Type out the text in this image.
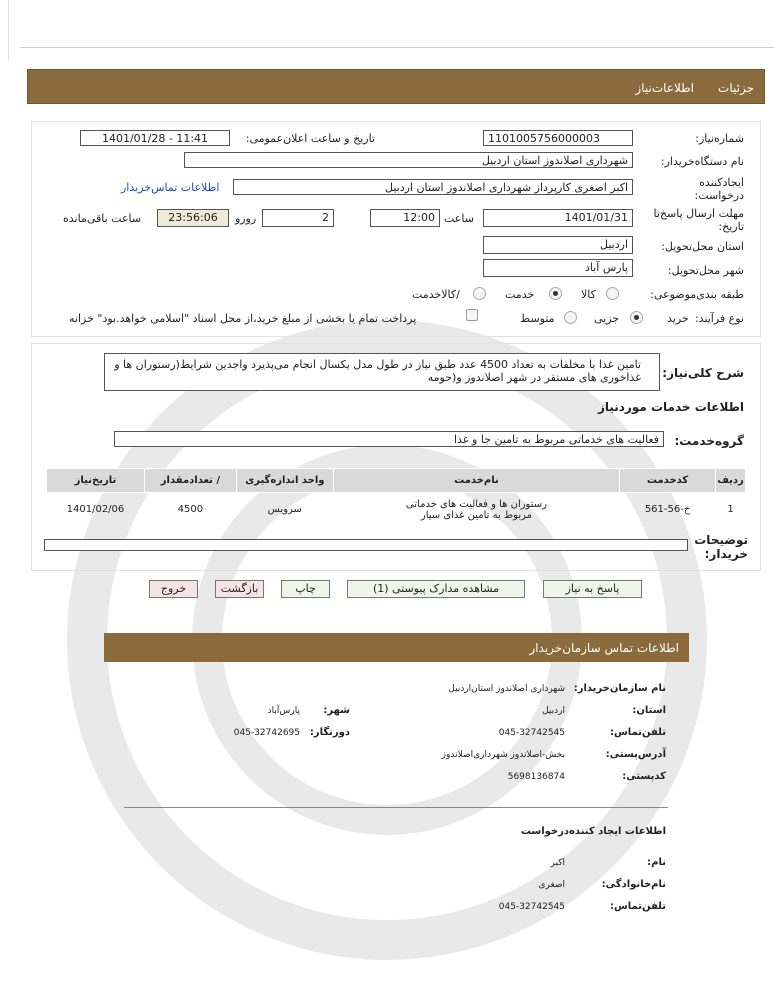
جزئیات
اطلاعات‌نیاز
شماره‌نیاز:
1101005756000003
تاریخ و ساعت اعلان‌عمومی:
1401/01/28 - 11:41
نام دستگاه‌خریدار:
شهرداری اصلاندوز استان اردبیل
ایجادکننده درخواست:
اکبر اصغری کارپرداز شهرداری اصلاندوز استان اردبیل
اطلاعات تماس‌خریدار
مهلت ارسال پاسخ‌تا تاریخ:
1401/01/31
ساعت
12:00
2
روزو
23:56:06
ساعت باقی‌مانده
استان محل‌تحویل:
اردبیل
شهر محل‌تحویل:
پارس آباد
طبقه بندی‌موضوعی:
کالا
خدمت
/کالاخدمت
نوع فرآیند:
خرید
جزیی
متوسط
پرداخت تمام یا بخشی از مبلغ خرید،از محل اسناد "اسلامی خواهد.بود" خزانه
شرح کلی‌نیاز:
تامین غذا با مخلفات به تعداد 4500 عدد طبق نیاز در طول مدل یکسال انجام می‌پذیرد واجدین شرایط(رستوران ها و غذاخوری های مستقر در شهر اصلاندوز و(حومه
اطلاعات خدمات موردنیاز
گروه‌خدمت:
فعالیت های خدماتی مربوط به تامین جا و غذا
ردیف	کدخدمت	نام‌خدمت	واحد اندازه‌گیری	/ تعدادمقدار	تاریخ‌نیاز
1	خ-56-561	رستوران ها و فعالیت های خدماتی
مربوط به تامین غذای سیار	سرویس	4500	1401/02/06
توضیحات خریدار:
پاسخ به نیاز
مشاهده مدارک پیوستی (1)
چاپ
بازگشت
خروج
اطلاعات تماس سازمان‌خریدار
نام سازمان‌خریدار:
شهرداری اصلاندوز استان‌اردبیل
استان:
اردبیل
شهر:
پارس‌آباد
تلفن‌تماس:
045-32742545
دورنگار:
045-32742695
آدرس‌پستی:
بخش-اصلاندوز شهرداری‌اصلاندوز
کدپستی:
5698136874
اطلاعات ایجاد کننده‌درخواست
نام:
اکبر
نام‌خانوادگی:
اصغری
تلفن‌تماس:
045-32742545
